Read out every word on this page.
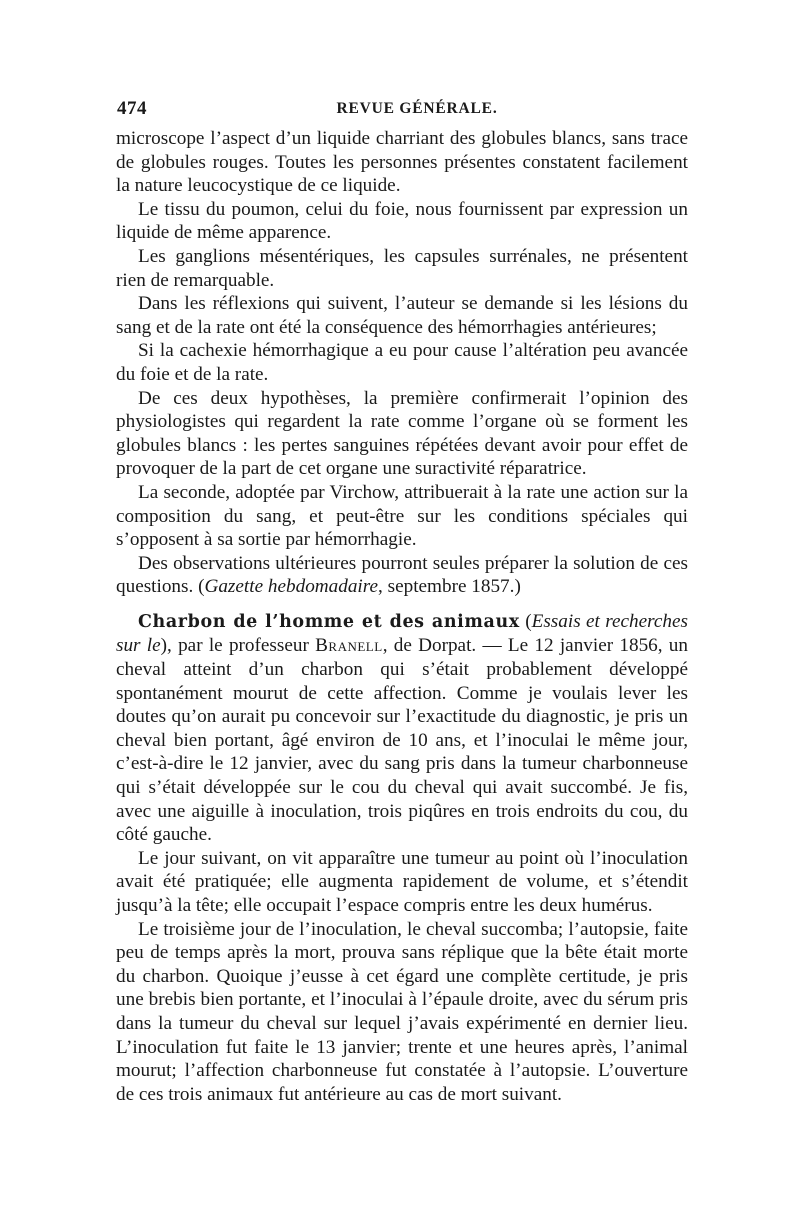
474	REVUE GÉNÉRALE.

microscope l’aspect d’un liquide charriant des globules blancs, sans trace de globules rouges. Toutes les personnes présentes constatent facilement la nature leucocystique de ce liquide.

Le tissu du poumon, celui du foie, nous fournissent par expression un liquide de même apparence.

Les ganglions mésentériques, les capsules surrénales, ne présentent rien de remarquable.

Dans les réflexions qui suivent, l’auteur se demande si les lésions du sang et de la rate ont été la conséquence des hémorrhagies antérieures;

Si la cachexie hémorrhagique a eu pour cause l’altération peu avancée du foie et de la rate.

De ces deux hypothèses, la première confirmerait l’opinion des physiologistes qui regardent la rate comme l’organe où se forment les globules blancs : les pertes sanguines répétées devant avoir pour effet de provoquer de la part de cet organe une suractivité réparatrice.

La seconde, adoptée par Virchow, attribuerait à la rate une action sur la composition du sang, et peut-être sur les conditions spéciales qui s’opposent à sa sortie par hémorrhagie.

Des observations ultérieures pourront seules préparer la solution de ces questions. (Gazette hebdomadaire, septembre 1857.)

Charbon de l’homme et des animaux (Essais et recherches sur le), par le professeur Branell, de Dorpat. — Le 12 janvier 1856, un cheval atteint d’un charbon qui s’était probablement développé spontanément mourut de cette affection. Comme je voulais lever les doutes qu’on aurait pu concevoir sur l’exactitude du diagnostic, je pris un cheval bien portant, âgé environ de 10 ans, et l’inoculai le même jour, c’est-à-dire le 12 janvier, avec du sang pris dans la tumeur charbonneuse qui s’était développée sur le cou du cheval qui avait succombé. Je fis, avec une aiguille à inoculation, trois piqûres en trois endroits du cou, du côté gauche.

Le jour suivant, on vit apparaître une tumeur au point où l’inoculation avait été pratiquée; elle augmenta rapidement de volume, et s’étendit jusqu’à la tête; elle occupait l’espace compris entre les deux humérus.

Le troisième jour de l’inoculation, le cheval succomba; l’autopsie, faite peu de temps après la mort, prouva sans réplique que la bête était morte du charbon. Quoique j’eusse à cet égard une complète certitude, je pris une brebis bien portante, et l’inoculai à l’épaule droite, avec du sérum pris dans la tumeur du cheval sur lequel j’avais expérimenté en dernier lieu. L’inoculation fut faite le 13 janvier; trente et une heures après, l’animal mourut; l’affection charbonneuse fut constatée à l’autopsie. L’ouverture de ces trois animaux fut antérieure au cas de mort suivant.
